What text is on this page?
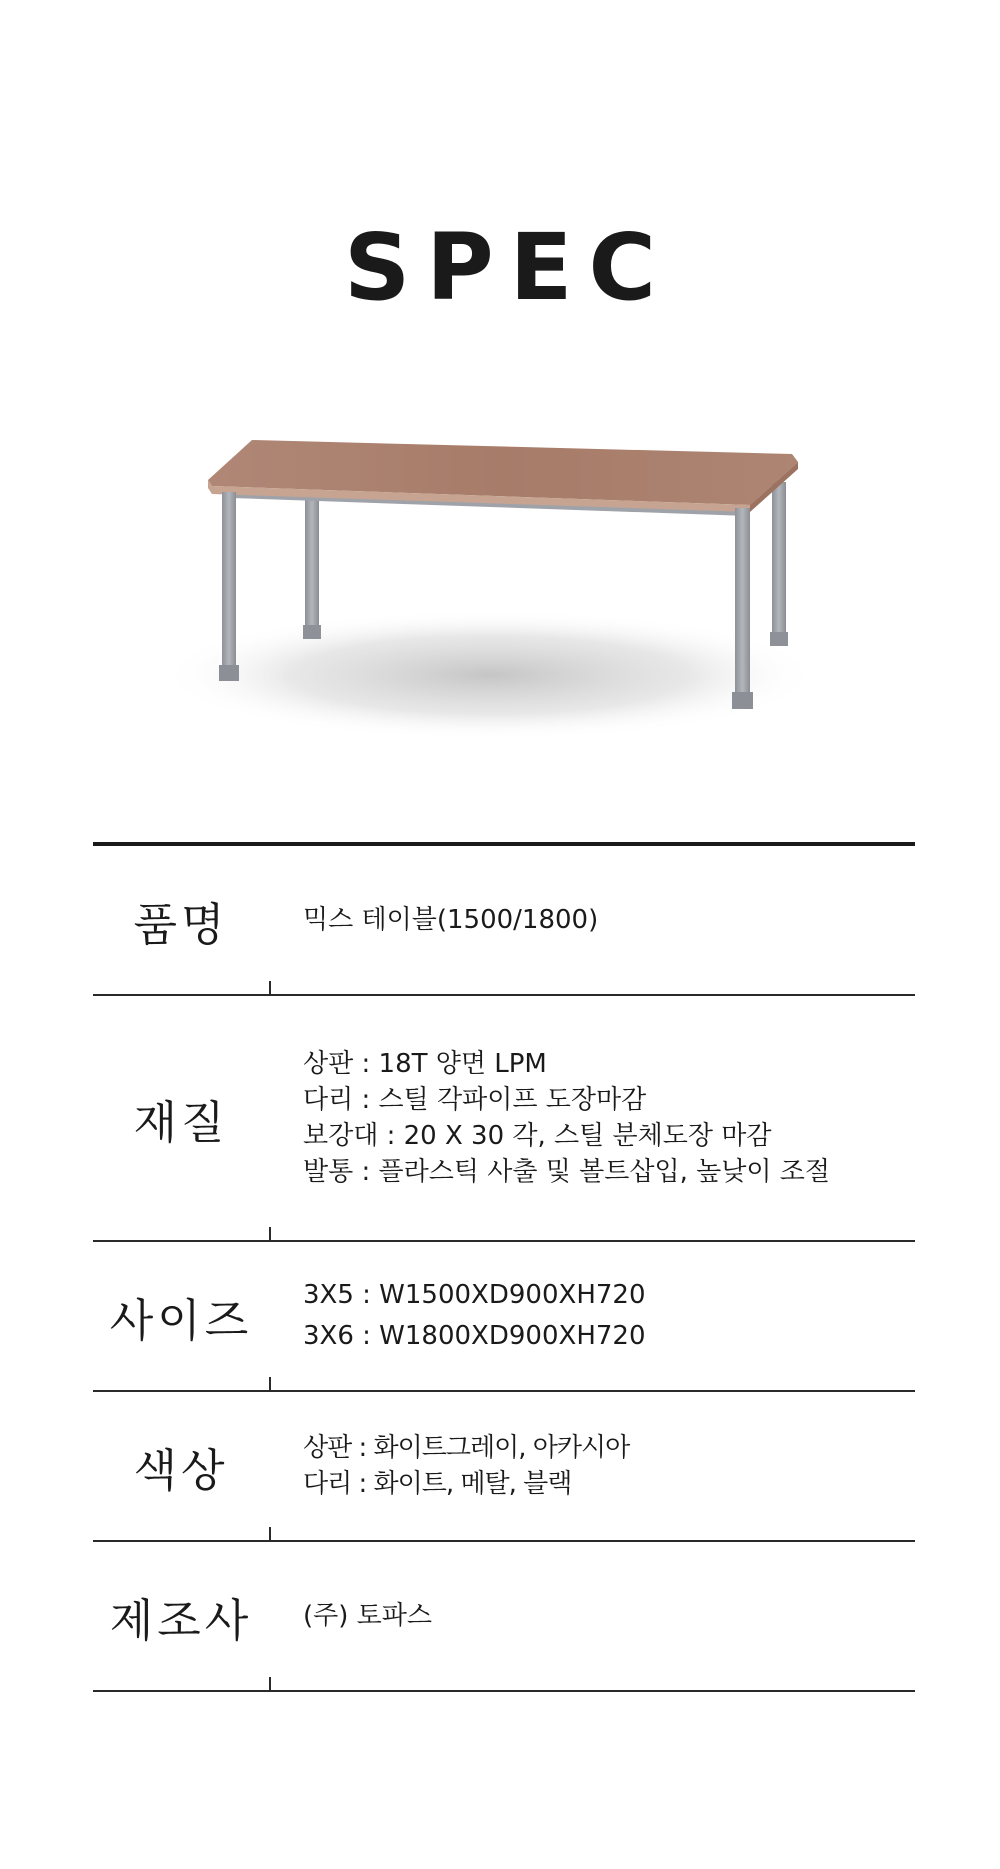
SPEC
품명	믹스 테이블(1500/1800)
재질
상판 : 18T 양면 LPM
다리 : 스틸 각파이프 도장마감
보강대 : 20 X 30 각, 스틸 분체도장 마감
발통 : 플라스틱 사출 및 볼트삽입, 높낮이 조절
사이즈	3X5 : W1500XD900XH720
3X6 : W1800XD900XH720
색상	상판 : 화이트그레이, 아카시아
다리 : 화이트, 메탈, 블랙
제조사	(주) 토파스
